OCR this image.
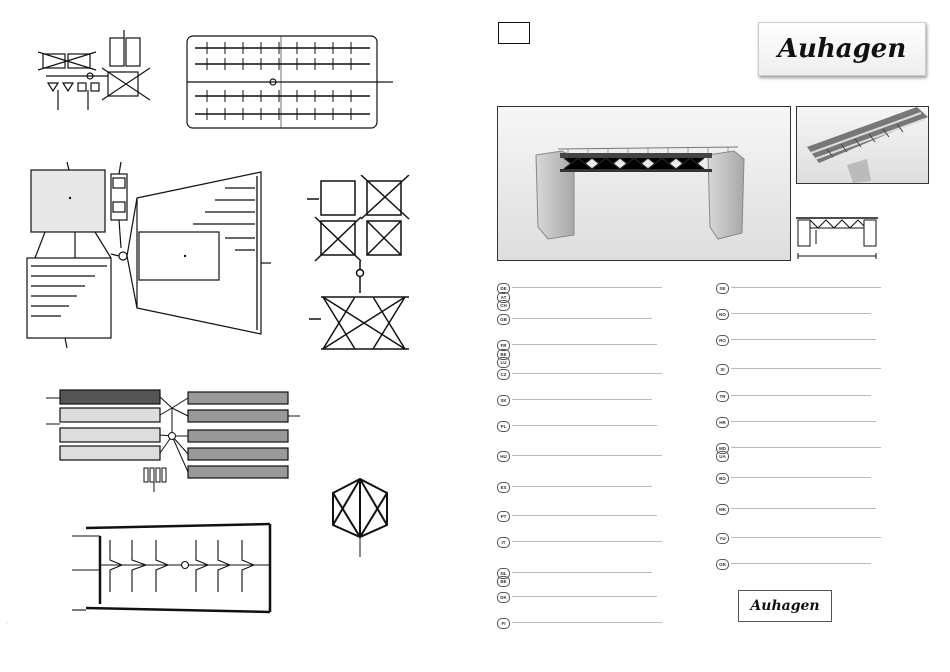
...
Auhagen
DE
AT
CH
GB
FR
BE
LU
CZ
SK
PL
HU
ES
PT
IT
NL
BE
DK
FI
SE
NO
RO
SI
TR
HR
MD
UA
BG
MK
YU
GR
Auhagen
